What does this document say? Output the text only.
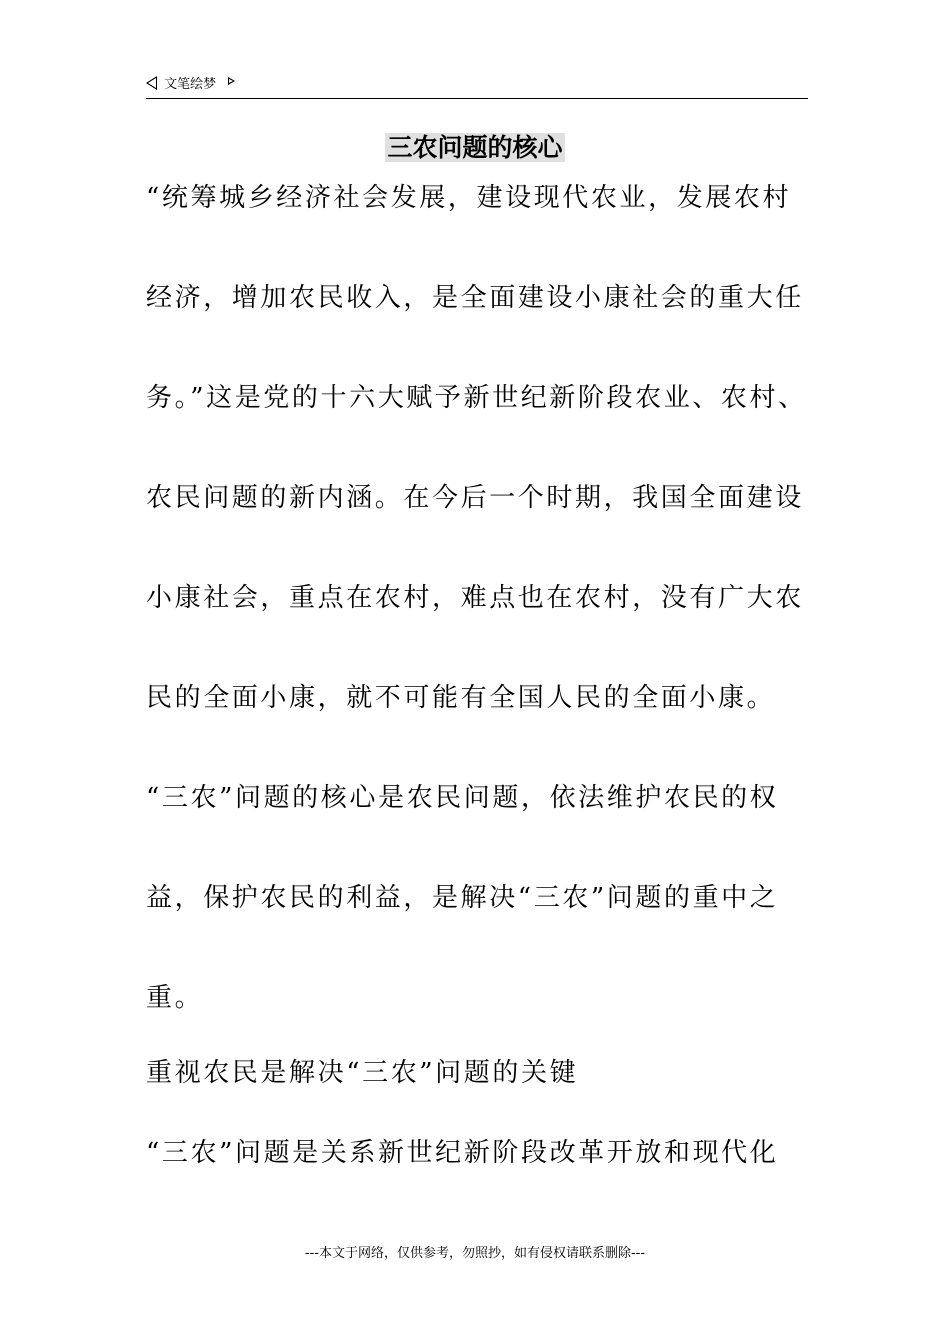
文笔绘梦
三农问题的核心
“统筹城乡经济社会发展，建设现代农业，发展农村
经济，增加农民收入，是全面建设小康社会的重大任
务。”这是党的十六大赋予新世纪新阶段农业、农村、
农民问题的新内涵。在今后一个时期，我国全面建设
小康社会，重点在农村，难点也在农村，没有广大农
民的全面小康，就不可能有全国人民的全面小康。
“三农”问题的核心是农民问题，依法维护农民的权
益，保护农民的利益，是解决“三农”问题的重中之
重。
重视农民是解决“三农”问题的关键
“三农”问题是关系新世纪新阶段改革开放和现代化
---本文于网络，仅供参考，勿照抄，如有侵权请联系删除---
